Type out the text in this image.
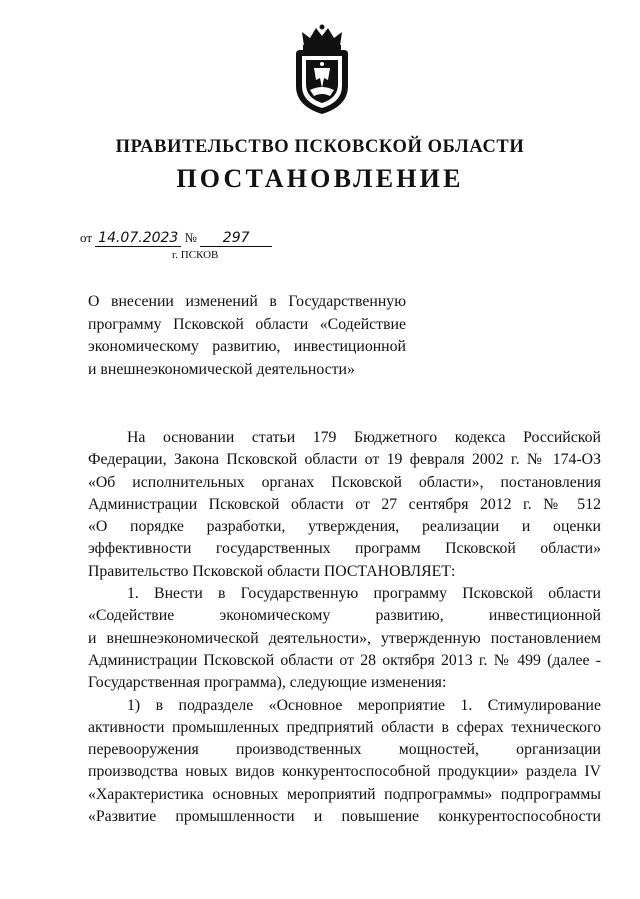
ПРАВИТЕЛЬСТВО ПСКОВСКОЙ ОБЛАСТИ
ПОСТАНОВЛЕНИЕ
от 14.07.2023 № 297
г. ПСКОВ
О внесении изменений в Государственную
программу Псковской области «Содействие
экономическому развитию, инвестиционной
и внешнеэкономической деятельности»
На основании статьи 179 Бюджетного кодекса Российской
Федерации, Закона Псковской области от 19 февраля 2002 г. № 174-ОЗ
«Об исполнительных органах Псковской области», постановления
Администрации Псковской области от 27 сентября 2012 г. № 512
«О порядке разработки, утверждения, реализации и оценки
эффективности государственных программ Псковской области»
Правительство Псковской области ПОСТАНОВЛЯЕТ:
1. Внести в Государственную программу Псковской области
«Содействие экономическому развитию, инвестиционной
и внешнеэкономической деятельности», утвержденную постановлением
Администрации Псковской области от 28 октября 2013 г. № 499 (далее -
Государственная программа), следующие изменения:
1) в подразделе «Основное мероприятие 1. Стимулирование
активности промышленных предприятий области в сферах технического
перевооружения производственных мощностей, организации
производства новых видов конкурентоспособной продукции» раздела IV
«Характеристика основных мероприятий подпрограммы» подпрограммы
«Развитие промышленности и повышение конкурентоспособности
